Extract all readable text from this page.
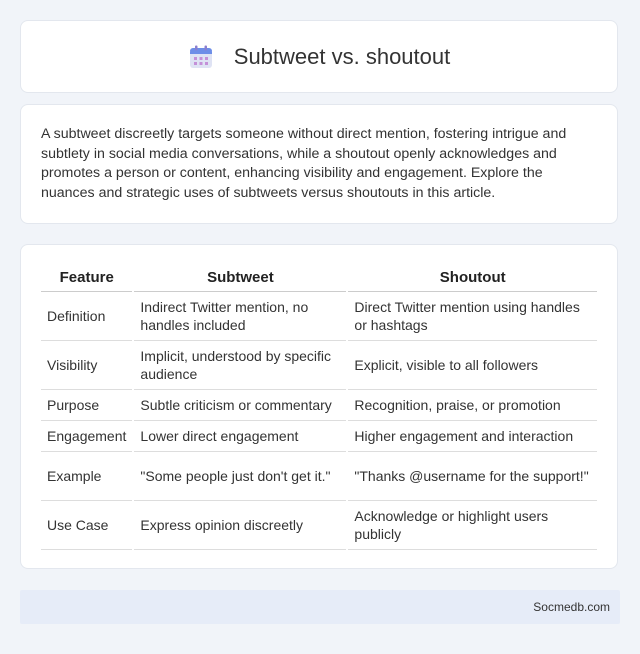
Subtweet vs. shoutout

A subtweet discreetly targets someone without direct mention, fostering intrigue and subtlety in social media conversations, while a shoutout openly acknowledges and promotes a person or content, enhancing visibility and engagement. Explore the nuances and strategic uses of subtweets versus shoutouts in this article.

Feature	Subtweet	Shoutout
Definition	Indirect Twitter mention, no handles included	Direct Twitter mention using handles or hashtags
Visibility	Implicit, understood by specific audience	Explicit, visible to all followers
Purpose	Subtle criticism or commentary	Recognition, praise, or promotion
Engagement	Lower direct engagement	Higher engagement and interaction
Example	"Some people just don't get it."	"Thanks @username for the support!"
Use Case	Express opinion discreetly	Acknowledge or highlight users publicly
Socmedb.com
